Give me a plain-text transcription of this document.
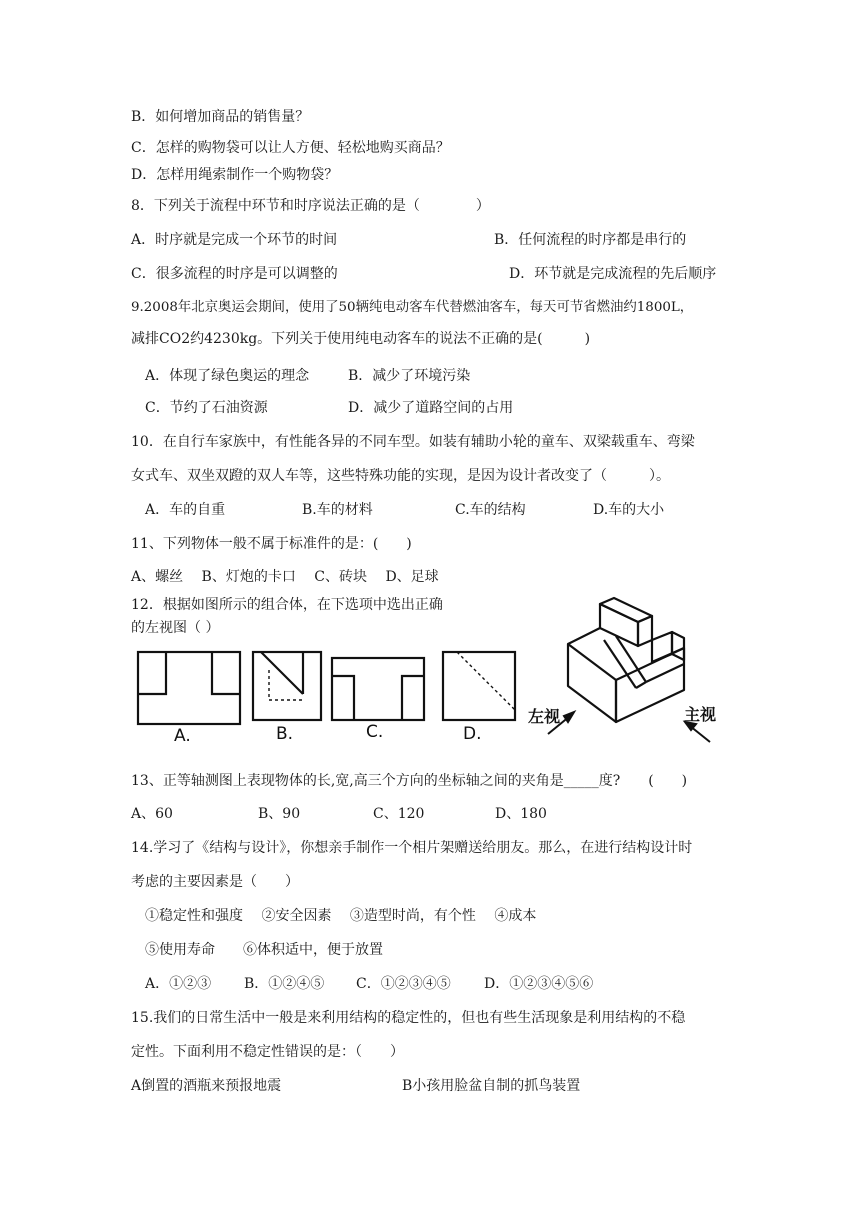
B．如何增加商品的销售量？
C．怎样的购物袋可以让人方便、轻松地购买商品？
D．怎样用绳索制作一个购物袋？
8．下列关于流程中环节和时序说法正确的是（　　　　）
A．时序就是完成一个环节的时间	B．任何流程的时序都是串行的
C．很多流程的时序是可以调整的	D．环节就是完成流程的先后顺序
9.2008年北京奥运会期间，使用了50辆纯电动客车代替燃油客车，每天可节省燃油约1800L，
减排CO2约4230kg。下列关于使用纯电动客车的说法不正确的是(　　　)
A．体现了绿色奥运的理念	B．减少了环境污染
C．节约了石油资源	D．减少了道路空间的占用
10．在自行车家族中，有性能各异的不同车型。如装有辅助小轮的童车、双梁载重车、弯梁
女式车、双坐双蹬的双人车等，这些特殊功能的实现，是因为设计者改变了（　　　）。
A．车的自重	B.车的材料	C.车的结构	D.车的大小
11、下列物体一般不属于标准件的是：(　　)
A、螺丝　 B、灯炮的卡口　 C、砖块　 D、足球
12．根据如图所示的组合体，在下选项中选出正确
的左视图（ ）
A.	B.	C.	D.
左视	主视
13、正等轴测图上表现物体的长,宽,高三个方向的坐标轴之间的夹角是_____度?　　(　　)
A、60	B、90	C、120	D、180
14.学习了《结构与设计》，你想亲手制作一个相片架赠送给朋友。那么，在进行结构设计时
考虑的主要因素是（　　）
①稳定性和强度　 ②安全因素　 ③造型时尚，有个性　 ④成本
⑤使用寿命　　⑥体积适中，便于放置
A．①②③ B．①②④⑤ C．①②③④⑤ D．①②③④⑤⑥
15.我们的日常生活中一般是来利用结构的稳定性的，但也有些生活现象是利用结构的不稳
定性。下面利用不稳定性错误的是：（　　）
A倒置的酒瓶来预报地震	B小孩用脸盆自制的抓鸟装置
